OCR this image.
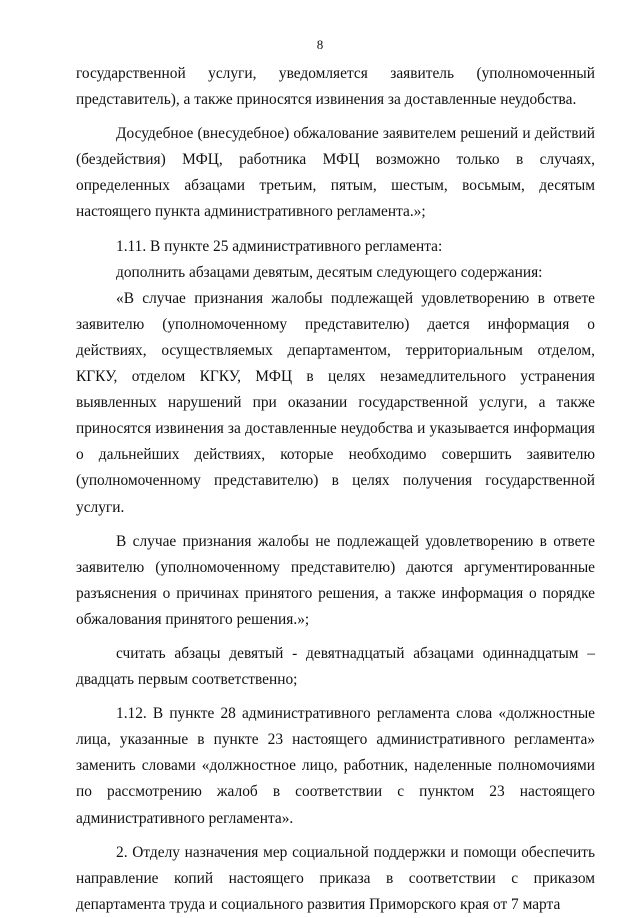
8

государственной услуги, уведомляется заявитель (уполномоченный представитель), а также приносятся извинения за доставленные неудобства.

Досудебное (внесудебное) обжалование заявителем решений и действий (бездействия) МФЦ, работника МФЦ возможно только в случаях, определенных абзацами третьим, пятым, шестым, восьмым, десятым настоящего пункта административного регламента.»;

1.11. В пункте 25 административного регламента:

дополнить абзацами девятым, десятым следующего содержания:

«В случае признания жалобы подлежащей удовлетворению в ответе заявителю (уполномоченному представителю) дается информация о действиях, осуществляемых департаментом, территориальным отделом, КГКУ, отделом КГКУ, МФЦ в целях незамедлительного устранения выявленных нарушений при оказании государственной услуги, а также приносятся извинения за доставленные неудобства и указывается информация о дальнейших действиях, которые необходимо совершить заявителю (уполномоченному представителю) в целях получения государственной услуги.

В случае признания жалобы не подлежащей удовлетворению в ответе заявителю (уполномоченному представителю) даются аргументированные разъяснения о причинах принятого решения, а также информация о порядке обжалования принятого решения.»;

считать абзацы девятый - девятнадцатый абзацами одиннадцатым – двадцать первым соответственно;

1.12. В пункте 28 административного регламента слова «должностные лица, указанные в пункте 23 настоящего административного регламента» заменить словами «должностное лицо, работник, наделенные полномочиями по рассмотрению жалоб в соответствии с пунктом 23 настоящего административного регламента».

2. Отделу назначения мер социальной поддержки и помощи обеспечить направление копий настоящего приказа в соответствии с приказом департамента труда и социального развития Приморского края от 7 марта
